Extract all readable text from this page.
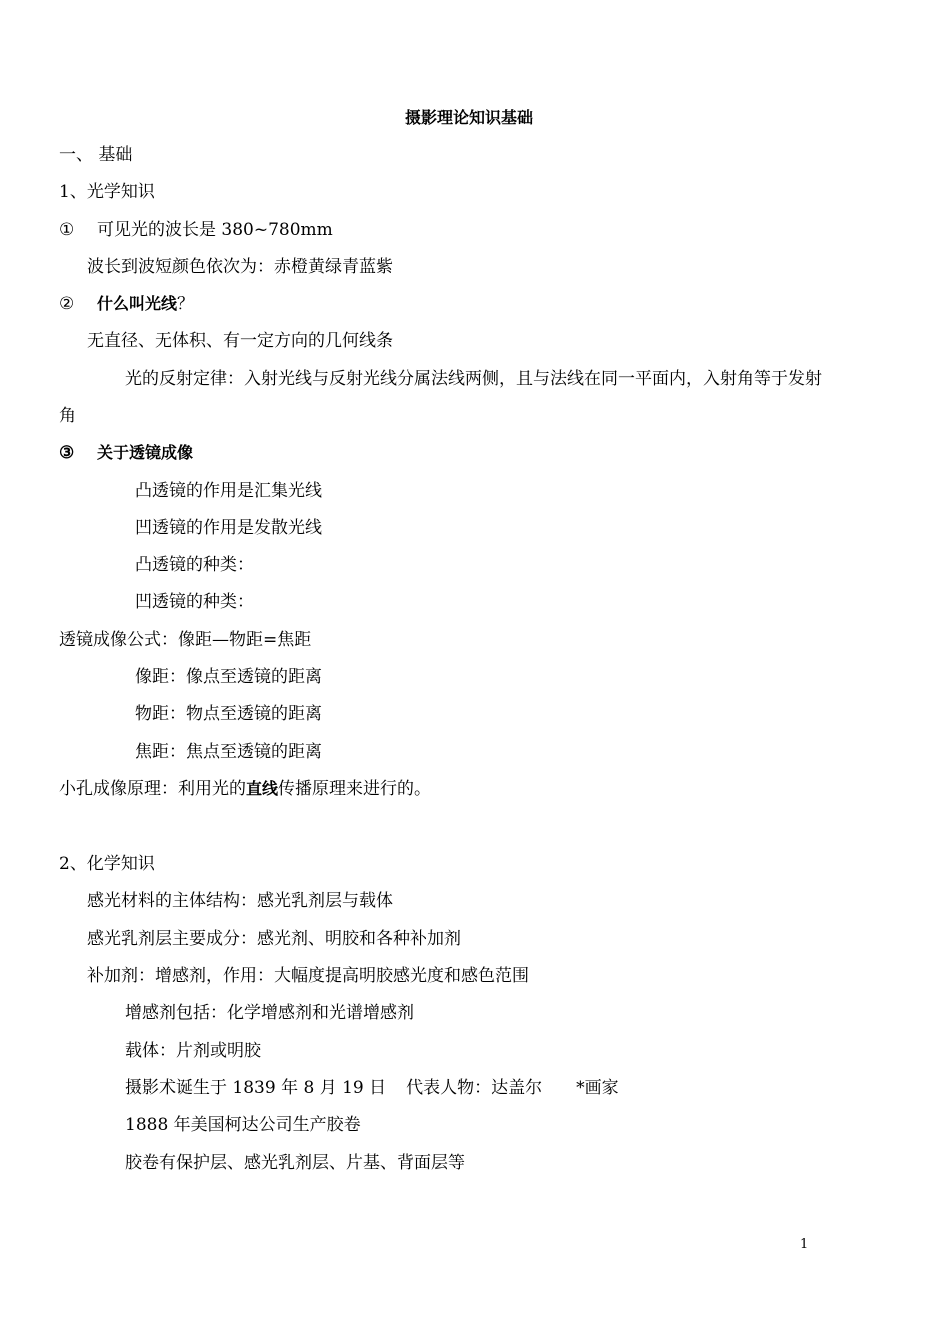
摄影理论知识基础
一、 基础
1、光学知识
① 可见光的波长是 380~780mm
波长到波短颜色依次为：赤橙黄绿青蓝紫
② 什么叫光线？
无直径、无体积、有一定方向的几何线条
光的反射定律：入射光线与反射光线分属法线两侧，且与法线在同一平面内，入射角等于发射
角
③ 关于透镜成像
凸透镜的作用是汇集光线
凹透镜的作用是发散光线
凸透镜的种类：
凹透镜的种类：
透镜成像公式：像距—物距=焦距
像距：像点至透镜的距离
物距：物点至透镜的距离
焦距：焦点至透镜的距离
小孔成像原理：利用光的直线传播原理来进行的。
2、化学知识
感光材料的主体结构：感光乳剂层与载体
感光乳剂层主要成分：感光剂、明胶和各种补加剂
补加剂：增感剂，作用：大幅度提高明胶感光度和感色范围
增感剂包括：化学增感剂和光谱增感剂
载体：片剂或明胶
摄影术诞生于 1839 年 8 月 19 日 代表人物：达盖尔 *画家
1888 年美国柯达公司生产胶卷
胶卷有保护层、感光乳剂层、片基、背面层等
1
